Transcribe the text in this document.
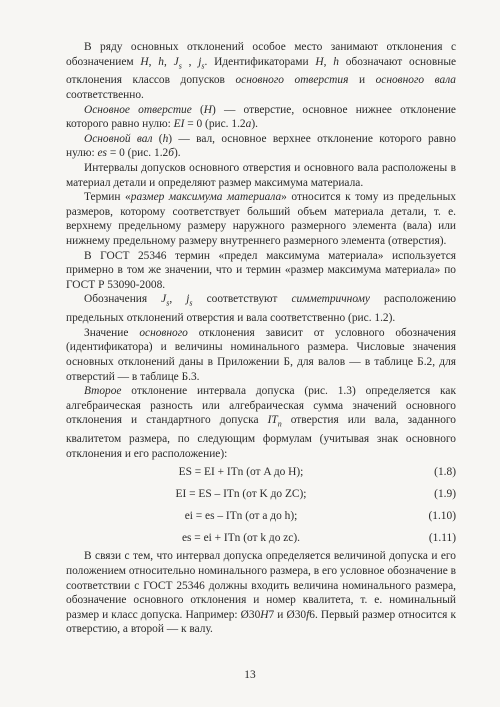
В ряду основных отклонений особое место занимают отклонения с обозначением H, h, $J_s$ , $j_s$. Идентификаторами H, h обозначают основные отклонения классов допусков основного отверстия и основного вала соответственно.

Основное отверстие (H) — отверстие, основное нижнее отклонение которого равно нулю: EI = 0 (рис. 1.2а).

Основной вал (h) — вал, основное верхнее отклонение которого равно нулю: es = 0 (рис. 1.2б).

Интервалы допусков основного отверстия и основного вала расположены в материал детали и определяют размер максимума материала.

Термин «размер максимума материала» относится к тому из предельных размеров, которому соответствует больший объем материала детали, т. е. верхнему предельному размеру наружного размерного элемента (вала) или нижнему предельному размеру внутреннего размерного элемента (отверстия).

В ГОСТ 25346 термин «предел максимума материала» используется примерно в том же значении, что и термин «размер максимума материала» по ГОСТ Р 53090-2008.

Обозначения $J_s$, $j_s$ соответствуют симметричному расположению предельных отклонений отверстия и вала соответственно (рис. 1.2).

Значение основного отклонения зависит от условного обозначения (идентификатора) и величины номинального размера. Числовые значения основных отклонений даны в Приложении Б, для валов — в таблице Б.2, для отверстий — в таблице Б.3.

Второе отклонение интервала допуска (рис. 1.3) определяется как алгебраическая разность или алгебраическая сумма значений основного отклонения и стандартного допуска $IT_n$ отверстия или вала, заданного квалитетом размера, по следующим формулам (учитывая знак основного отклонения и его расположение):

ES = EI + ITn (от A до H);	(1.8)
EI = ES – ITn (от K до ZC);	(1.9)
ei = es – ITn (от a до h);	(1.10)
es = ei + ITn (от k до zc).	(1.11)

В связи с тем, что интервал допуска определяется величиной допуска и его положением относительно номинального размера, в его условное обозначение в соответствии с ГОСТ 25346 должны входить величина номинального размера, обозначение основного отклонения и номер квалитета, т. е. номинальный размер и класс допуска. Например: Ø30H7 и Ø30f6. Первый размер относится к отверстию, а второй — к валу.

13
